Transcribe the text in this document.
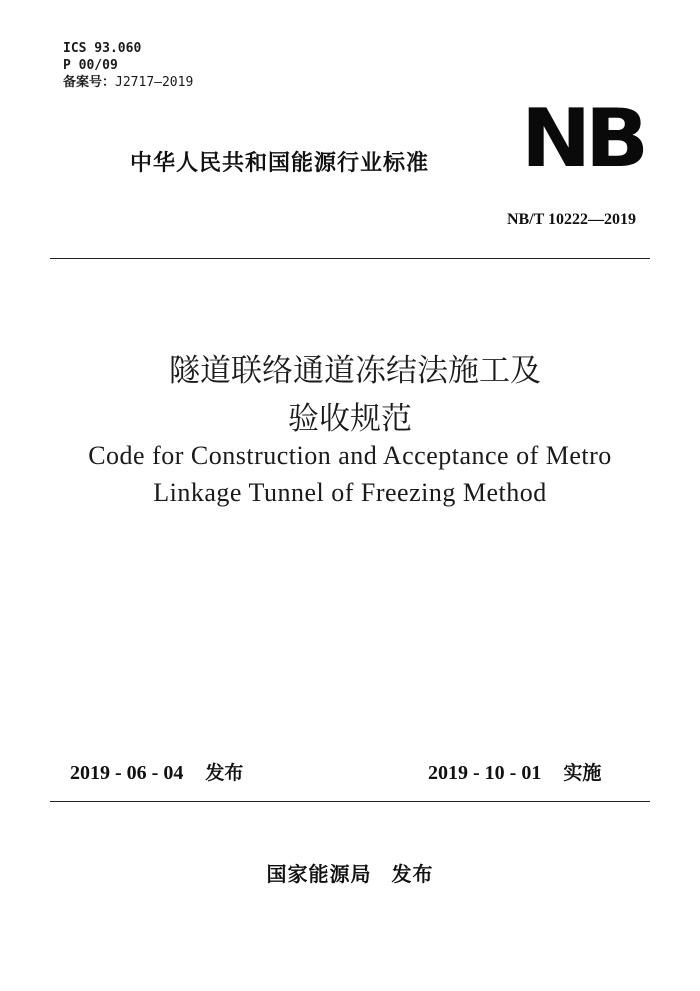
ICS 93.060
P 00/09
备案号：J2717—2019
中华人民共和国能源行业标准 NB
NB/T 10222—2019
隧道联络通道冻结法施工及
验收规范
Code for Construction and Acceptance of Metro
Linkage Tunnel of Freezing Method
2019 - 06 - 04 发布	2019 - 10 - 01 实施
国家能源局 发布
